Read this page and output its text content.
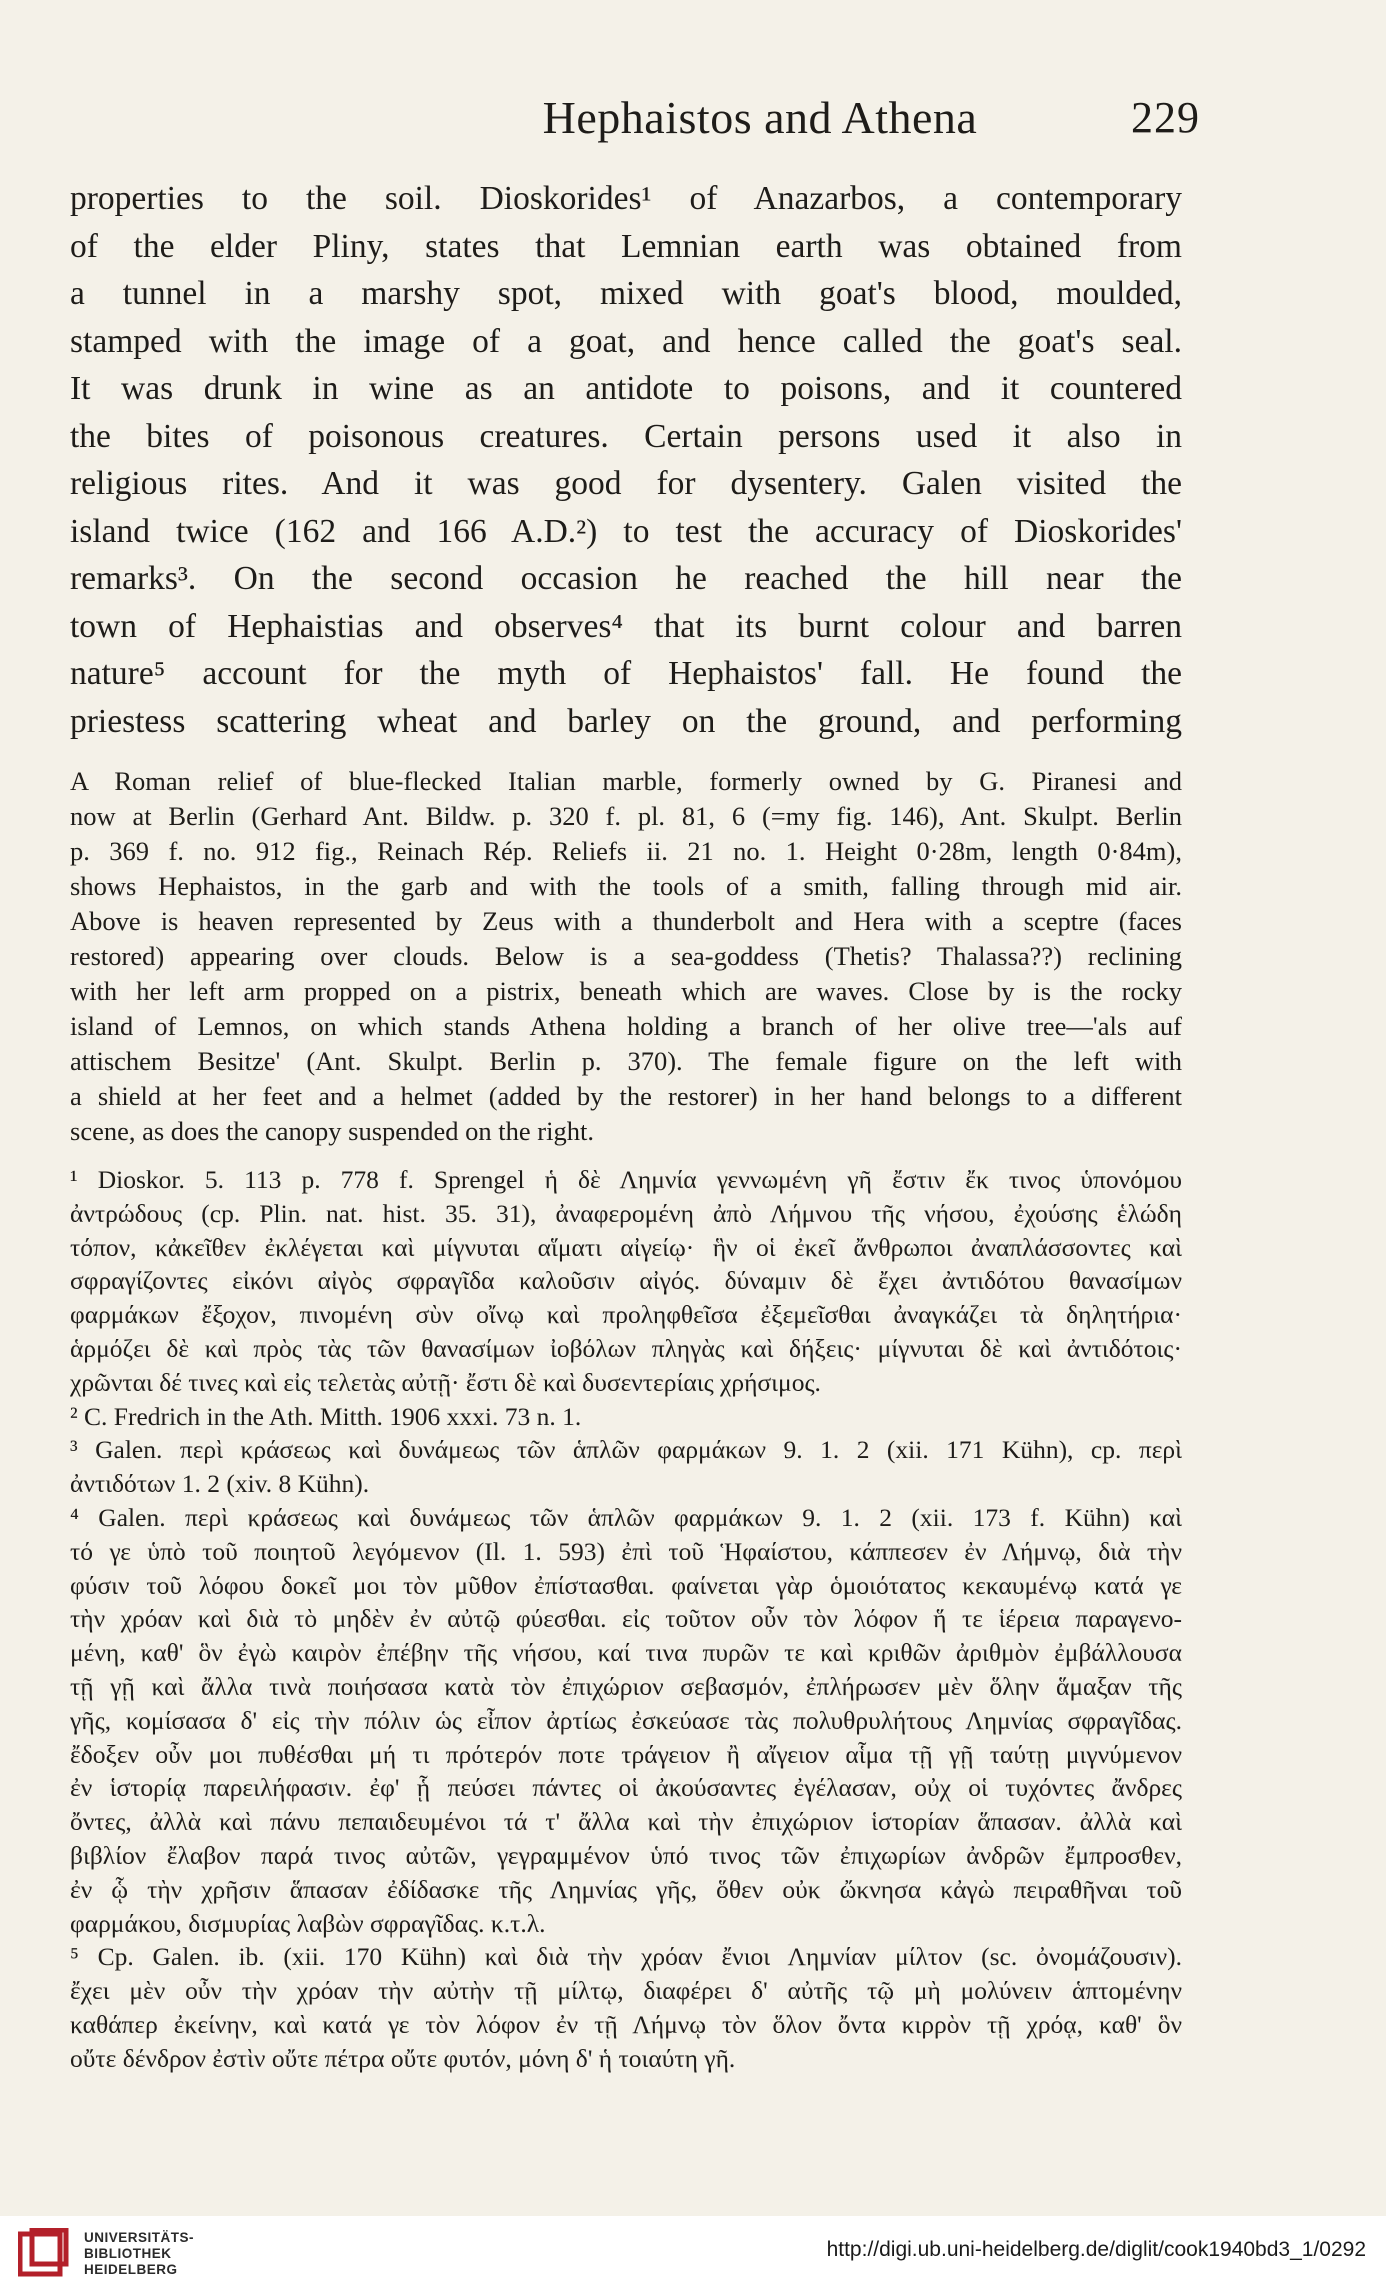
Hephaistos and Athena	229
properties to the soil. Dioskorides¹ of Anazarbos, a contemporary
of the elder Pliny, states that Lemnian earth was obtained from
a tunnel in a marshy spot, mixed with goat's blood, moulded,
stamped with the image of a goat, and hence called the goat's seal.
It was drunk in wine as an antidote to poisons, and it countered
the bites of poisonous creatures. Certain persons used it also in
religious rites. And it was good for dysentery. Galen visited the
island twice (162 and 166 A.D.²) to test the accuracy of Dioskorides'
remarks³. On the second occasion he reached the hill near the
town of Hephaistias and observes⁴ that its burnt colour and barren
nature⁵ account for the myth of Hephaistos' fall. He found the
priestess scattering wheat and barley on the ground, and performing
A Roman relief of blue-flecked Italian marble, formerly owned by G. Piranesi and
now at Berlin (Gerhard Ant. Bildw. p. 320 f. pl. 81, 6 (=my fig. 146), Ant. Skulpt. Berlin
p. 369 f. no. 912 fig., Reinach Rép. Reliefs ii. 21 no. 1. Height 0·28m, length 0·84m),
shows Hephaistos, in the garb and with the tools of a smith, falling through mid air.
Above is heaven represented by Zeus with a thunderbolt and Hera with a sceptre (faces
restored) appearing over clouds. Below is a sea-goddess (Thetis? Thalassa??) reclining
with her left arm propped on a pistrix, beneath which are waves. Close by is the rocky
island of Lemnos, on which stands Athena holding a branch of her olive tree—'als auf
attischem Besitze' (Ant. Skulpt. Berlin p. 370). The female figure on the left with
a shield at her feet and a helmet (added by the restorer) in her hand belongs to a different
scene, as does the canopy suspended on the right.
¹ Dioskor. 5. 113 p. 778 f. Sprengel ἡ δὲ Λημνία γεννωμένη γῆ ἔστιν ἔκ τινος ὑπονόμου
ἀντρώδους (cp. Plin. nat. hist. 35. 31), ἀναφερομένη ἀπὸ Λήμνου τῆς νήσου, ἐχούσης ἑλώδη
τόπον, κἀκεῖθεν ἐκλέγεται καὶ μίγνυται αἵματι αἰγείῳ· ἣν οἱ ἐκεῖ ἄνθρωποι ἀναπλάσσοντες καὶ
σφραγίζοντες εἰκόνι αἰγὸς σφραγῖδα καλοῦσιν αἰγός. δύναμιν δὲ ἔχει ἀντιδότου θανασίμων
φαρμάκων ἔξοχον, πινομένη σὺν οἴνῳ καὶ προληφθεῖσα ἐξεμεῖσθαι ἀναγκάζει τὰ δηλητήρια·
ἁρμόζει δὲ καὶ πρὸς τὰς τῶν θανασίμων ἰοβόλων πληγὰς καὶ δήξεις· μίγνυται δὲ καὶ ἀντιδότοις·
χρῶνται δέ τινες καὶ εἰς τελετὰς αὐτῇ· ἔστι δὲ καὶ δυσεντερίαις χρήσιμος.
² C. Fredrich in the Ath. Mitth. 1906 xxxi. 73 n. 1.
³ Galen. περὶ κράσεως καὶ δυνάμεως τῶν ἁπλῶν φαρμάκων 9. 1. 2 (xii. 171 Kühn), cp. περὶ
ἀντιδότων 1. 2 (xiv. 8 Kühn).
⁴ Galen. περὶ κράσεως καὶ δυνάμεως τῶν ἁπλῶν φαρμάκων 9. 1. 2 (xii. 173 f. Kühn) καὶ
τό γε ὑπὸ τοῦ ποιητοῦ λεγόμενον (Il. 1. 593) ἐπὶ τοῦ Ἡφαίστου, κάππεσεν ἐν Λήμνῳ, διὰ τὴν
φύσιν τοῦ λόφου δοκεῖ μοι τὸν μῦθον ἐπίστασθαι. φαίνεται γὰρ ὁμοιότατος κεκαυμένῳ κατά γε
τὴν χρόαν καὶ διὰ τὸ μηδὲν ἐν αὐτῷ φύεσθαι. εἰς τοῦτον οὖν τὸν λόφον ἥ τε ἱέρεια παραγενο-
μένη, καθ' ὃν ἐγὼ καιρὸν ἐπέβην τῆς νήσου, καί τινα πυρῶν τε καὶ κριθῶν ἀριθμὸν ἐμβάλλουσα
τῇ γῇ καὶ ἄλλα τινὰ ποιήσασα κατὰ τὸν ἐπιχώριον σεβασμόν, ἐπλήρωσεν μὲν ὅλην ἅμαξαν τῆς
γῆς, κομίσασα δ' εἰς τὴν πόλιν ὡς εἶπον ἀρτίως ἐσκεύασε τὰς πολυθρυλήτους Λημνίας σφραγῖδας.
ἔδοξεν οὖν μοι πυθέσθαι μή τι πρότερόν ποτε τράγειον ἢ αἴγειον αἷμα τῇ γῇ ταύτῃ μιγνύμενον
ἐν ἱστορίᾳ παρειλήφασιν. ἐφ' ᾗ πεύσει πάντες οἱ ἀκούσαντες ἐγέλασαν, οὐχ οἱ τυχόντες ἄνδρες
ὄντες, ἀλλὰ καὶ πάνυ πεπαιδευμένοι τά τ' ἄλλα καὶ τὴν ἐπιχώριον ἱστορίαν ἅπασαν. ἀλλὰ καὶ
βιβλίον ἔλαβον παρά τινος αὐτῶν, γεγραμμένον ὑπό τινος τῶν ἐπιχωρίων ἀνδρῶν ἔμπροσθεν,
ἐν ᾧ τὴν χρῆσιν ἅπασαν ἐδίδασκε τῆς Λημνίας γῆς, ὅθεν οὐκ ὤκνησα κἀγὼ πειραθῆναι τοῦ
φαρμάκου, δισμυρίας λαβὼν σφραγῖδας. κ.τ.λ.
⁵ Cp. Galen. ib. (xii. 170 Kühn) καὶ διὰ τὴν χρόαν ἔνιοι Λημνίαν μίλτον (sc. ὀνομάζουσιν).
ἔχει μὲν οὖν τὴν χρόαν τὴν αὐτὴν τῇ μίλτῳ, διαφέρει δ' αὐτῆς τῷ μὴ μολύνειν ἁπτομένην
καθάπερ ἐκείνην, καὶ κατά γε τὸν λόφον ἐν τῇ Λήμνῳ τὸν ὅλον ὄντα κιρρὸν τῇ χρόᾳ, καθ' ὃν
οὔτε δένδρον ἐστὶν οὔτε πέτρα οὔτε φυτόν, μόνη δ' ἡ τοιαύτη γῆ.
UNIVERSITÄTS-
BIBLIOTHEK
HEIDELBERG
http://digi.ub.uni-heidelberg.de/diglit/cook1940bd3_1/0292
